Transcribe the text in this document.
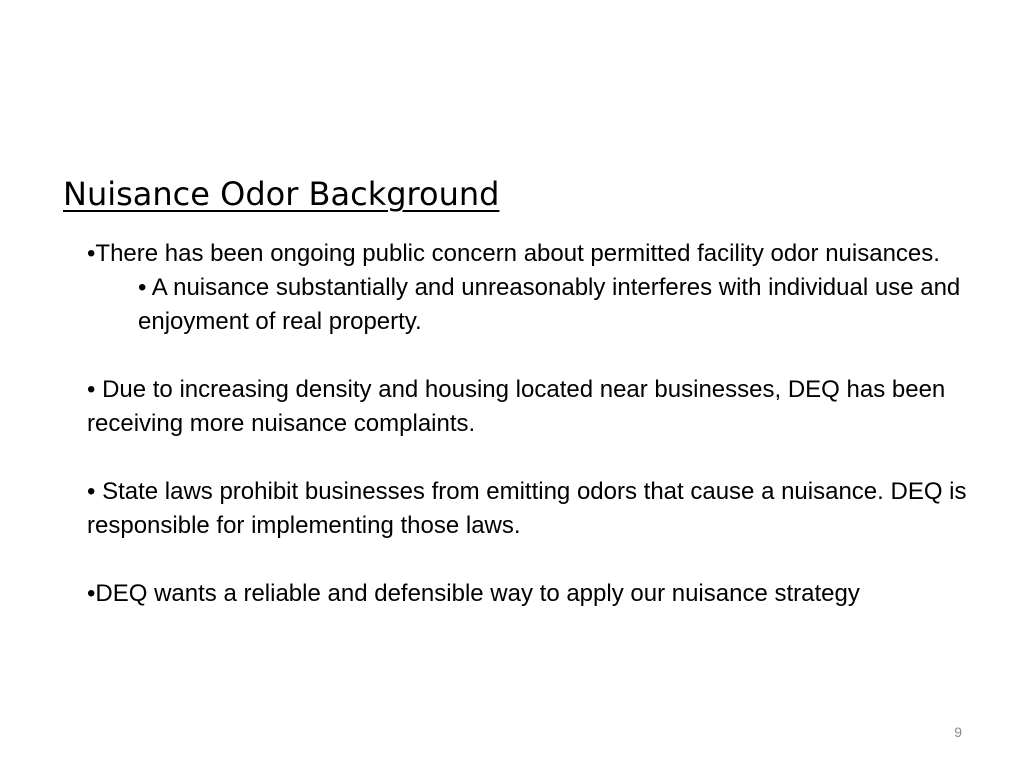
Nuisance Odor Background

•There has been ongoing public concern about permitted facility odor nuisances.

• A nuisance substantially and unreasonably interferes with individual use and enjoyment of real property.

• Due to increasing density and housing located near businesses, DEQ has been receiving more nuisance complaints.

• State laws prohibit businesses from emitting odors that cause a nuisance. DEQ is responsible for implementing those laws.

•DEQ wants a reliable and defensible way to apply our nuisance strategy

9
